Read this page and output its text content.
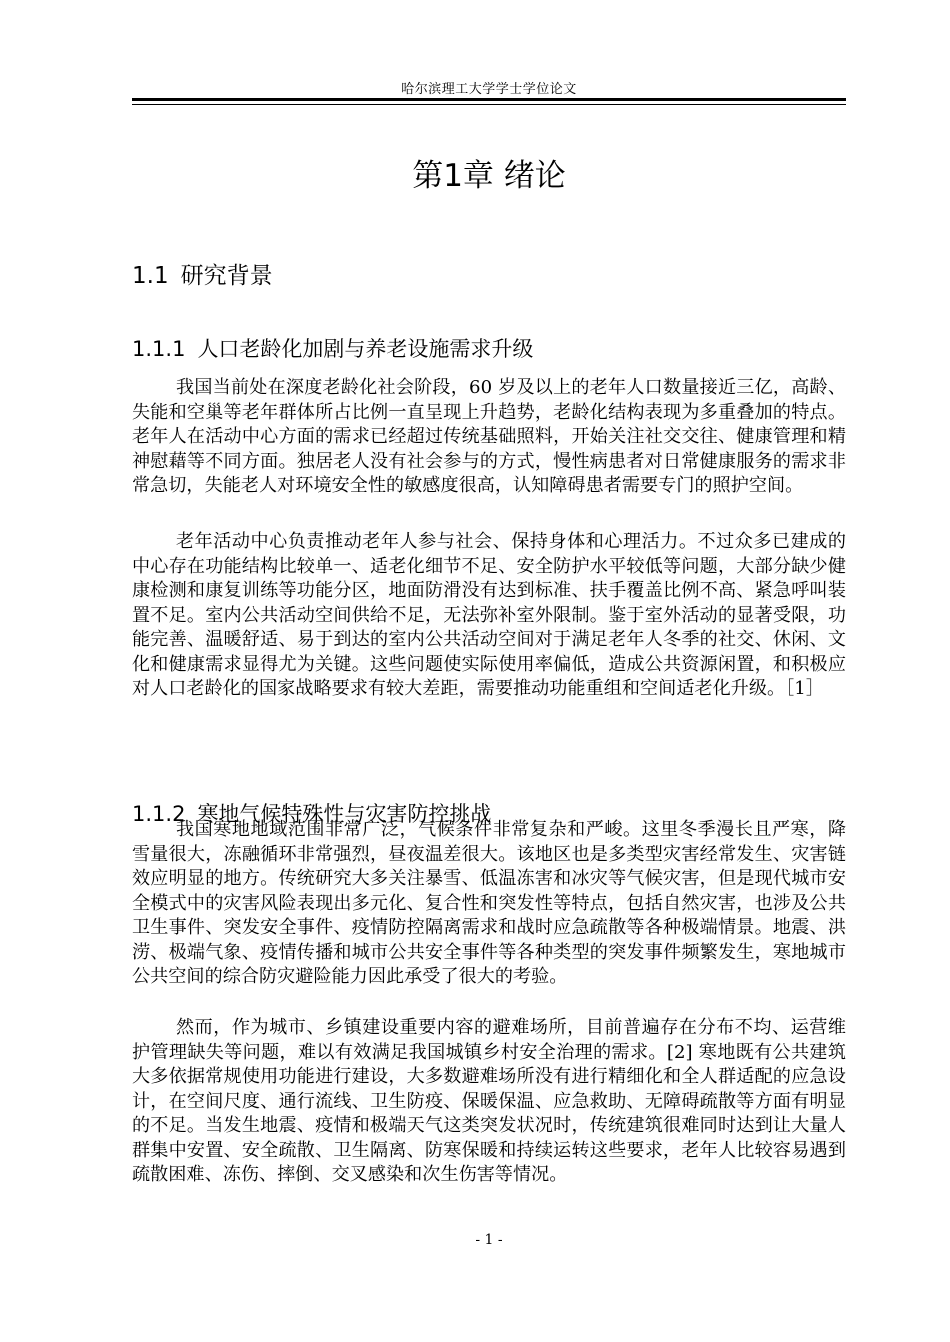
哈尔滨理工大学学士学位论文
第1章 绪论
1.1 研究背景
1.1.1 人口老龄化加剧与养老设施需求升级

我国当前处在深度老龄化社会阶段，60 岁及以上的老年人口数量接近三亿，高龄、失能和空巢等老年群体所占比例一直呈现上升趋势，老龄化结构表现为多重叠加的特点。老年人在活动中心方面的需求已经超过传统基础照料，开始关注社交交往、健康管理和精神慰藉等不同方面。独居老人没有社会参与的方式，慢性病患者对日常健康服务的需求非常急切，失能老人对环境安全性的敏感度很高，认知障碍患者需要专门的照护空间。

老年活动中心负责推动老年人参与社会、保持身体和心理活力。不过众多已建成的中心存在功能结构比较单一、适老化细节不足、安全防护水平较低等问题，大部分缺少健康检测和康复训练等功能分区，地面防滑没有达到标准、扶手覆盖比例不高、紧急呼叫装置不足。室内公共活动空间供给不足，无法弥补室外限制。鉴于室外活动的显著受限，功能完善、温暖舒适、易于到达的室内公共活动空间对于满足老年人冬季的社交、休闲、文化和健康需求显得尤为关键。这些问题使实际使用率偏低，造成公共资源闲置，和积极应对人口老龄化的国家战略要求有较大差距，需要推动功能重组和空间适老化升级。［1］

1.1.2 寒地气候特殊性与灾害防控挑战

我国寒地地域范围非常广泛，气候条件非常复杂和严峻。这里冬季漫长且严寒，降雪量很大，冻融循环非常强烈，昼夜温差很大。该地区也是多类型灾害经常发生、灾害链效应明显的地方。传统研究大多关注暴雪、低温冻害和冰灾等气候灾害，但是现代城市安全模式中的灾害风险表现出多元化、复合性和突发性等特点，包括自然灾害，也涉及公共卫生事件、突发安全事件、疫情防控隔离需求和战时应急疏散等各种极端情景。地震、洪涝、极端气象、疫情传播和城市公共安全事件等各种类型的突发事件频繁发生，寒地城市公共空间的综合防灾避险能力因此承受了很大的考验。

然而，作为城市、乡镇建设重要内容的避难场所，目前普遍存在分布不均、运营维护管理缺失等问题，难以有效满足我国城镇乡村安全治理的需求。[2] 寒地既有公共建筑大多依据常规使用功能进行建设，大多数避难场所没有进行精细化和全人群适配的应急设计，在空间尺度、通行流线、卫生防疫、保暖保温、应急救助、无障碍疏散等方面有明显的不足。当发生地震、疫情和极端天气这类突发状况时，传统建筑很难同时达到让大量人群集中安置、安全疏散、卫生隔离、防寒保暖和持续运转这些要求，老年人比较容易遇到疏散困难、冻伤、摔倒、交叉感染和次生伤害等情况。

- 1 -
